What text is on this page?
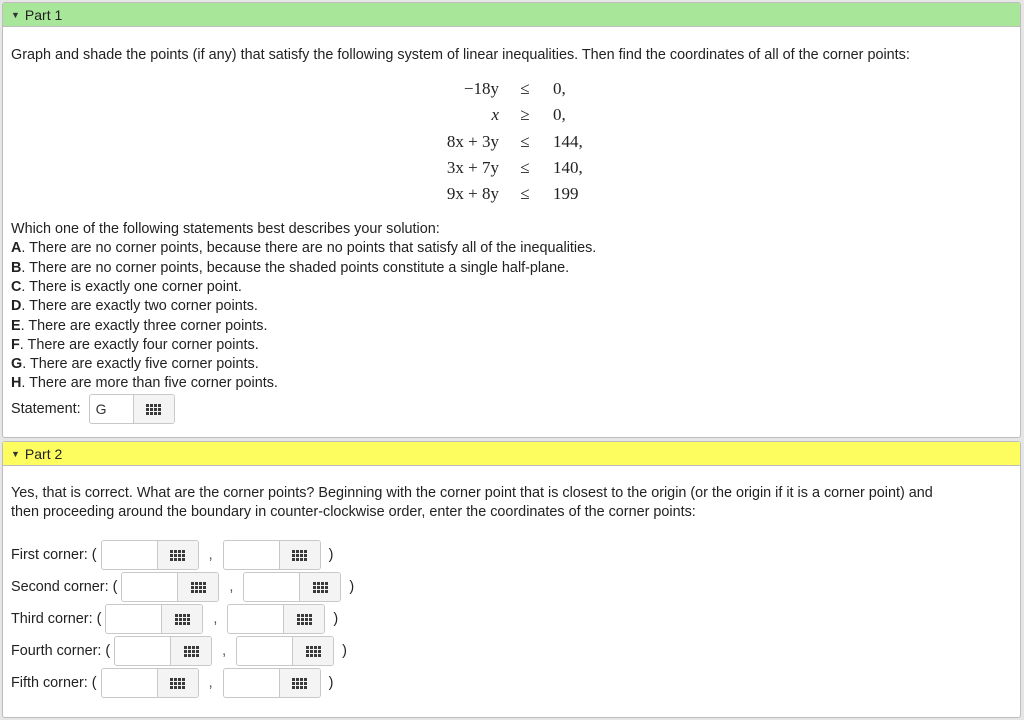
▼ Part 1
Graph and shade the points (if any) that satisfy the following system of linear inequalities. Then find the coordinates of all of the corner points:
−18y	≤	0,
x	≥	0,
8x + 3y	≤	144,
3x + 7y	≤	140,
9x + 8y	≤	199
Which one of the following statements best describes your solution:
A. There are no corner points, because there are no points that satisfy all of the inequalities.
B. There are no corner points, because the shaded points constitute a single half-plane.
C. There is exactly one corner point.
D. There are exactly two corner points.
E. There are exactly three corner points.
F. There are exactly four corner points.
G. There are exactly five corner points.
H. There are more than five corner points.
Statement:	G
▼ Part 2
Yes, that is correct. What are the corner points? Beginning with the corner point that is closest to the origin (or the origin if it is a corner point) and
then proceeding around the boundary in counter-clockwise order, enter the coordinates of the corner points:
First corner: (	,	)
Second corner: (	,	)
Third corner: (	,	)
Fourth corner: (	,	)
Fifth corner: (	,	)
